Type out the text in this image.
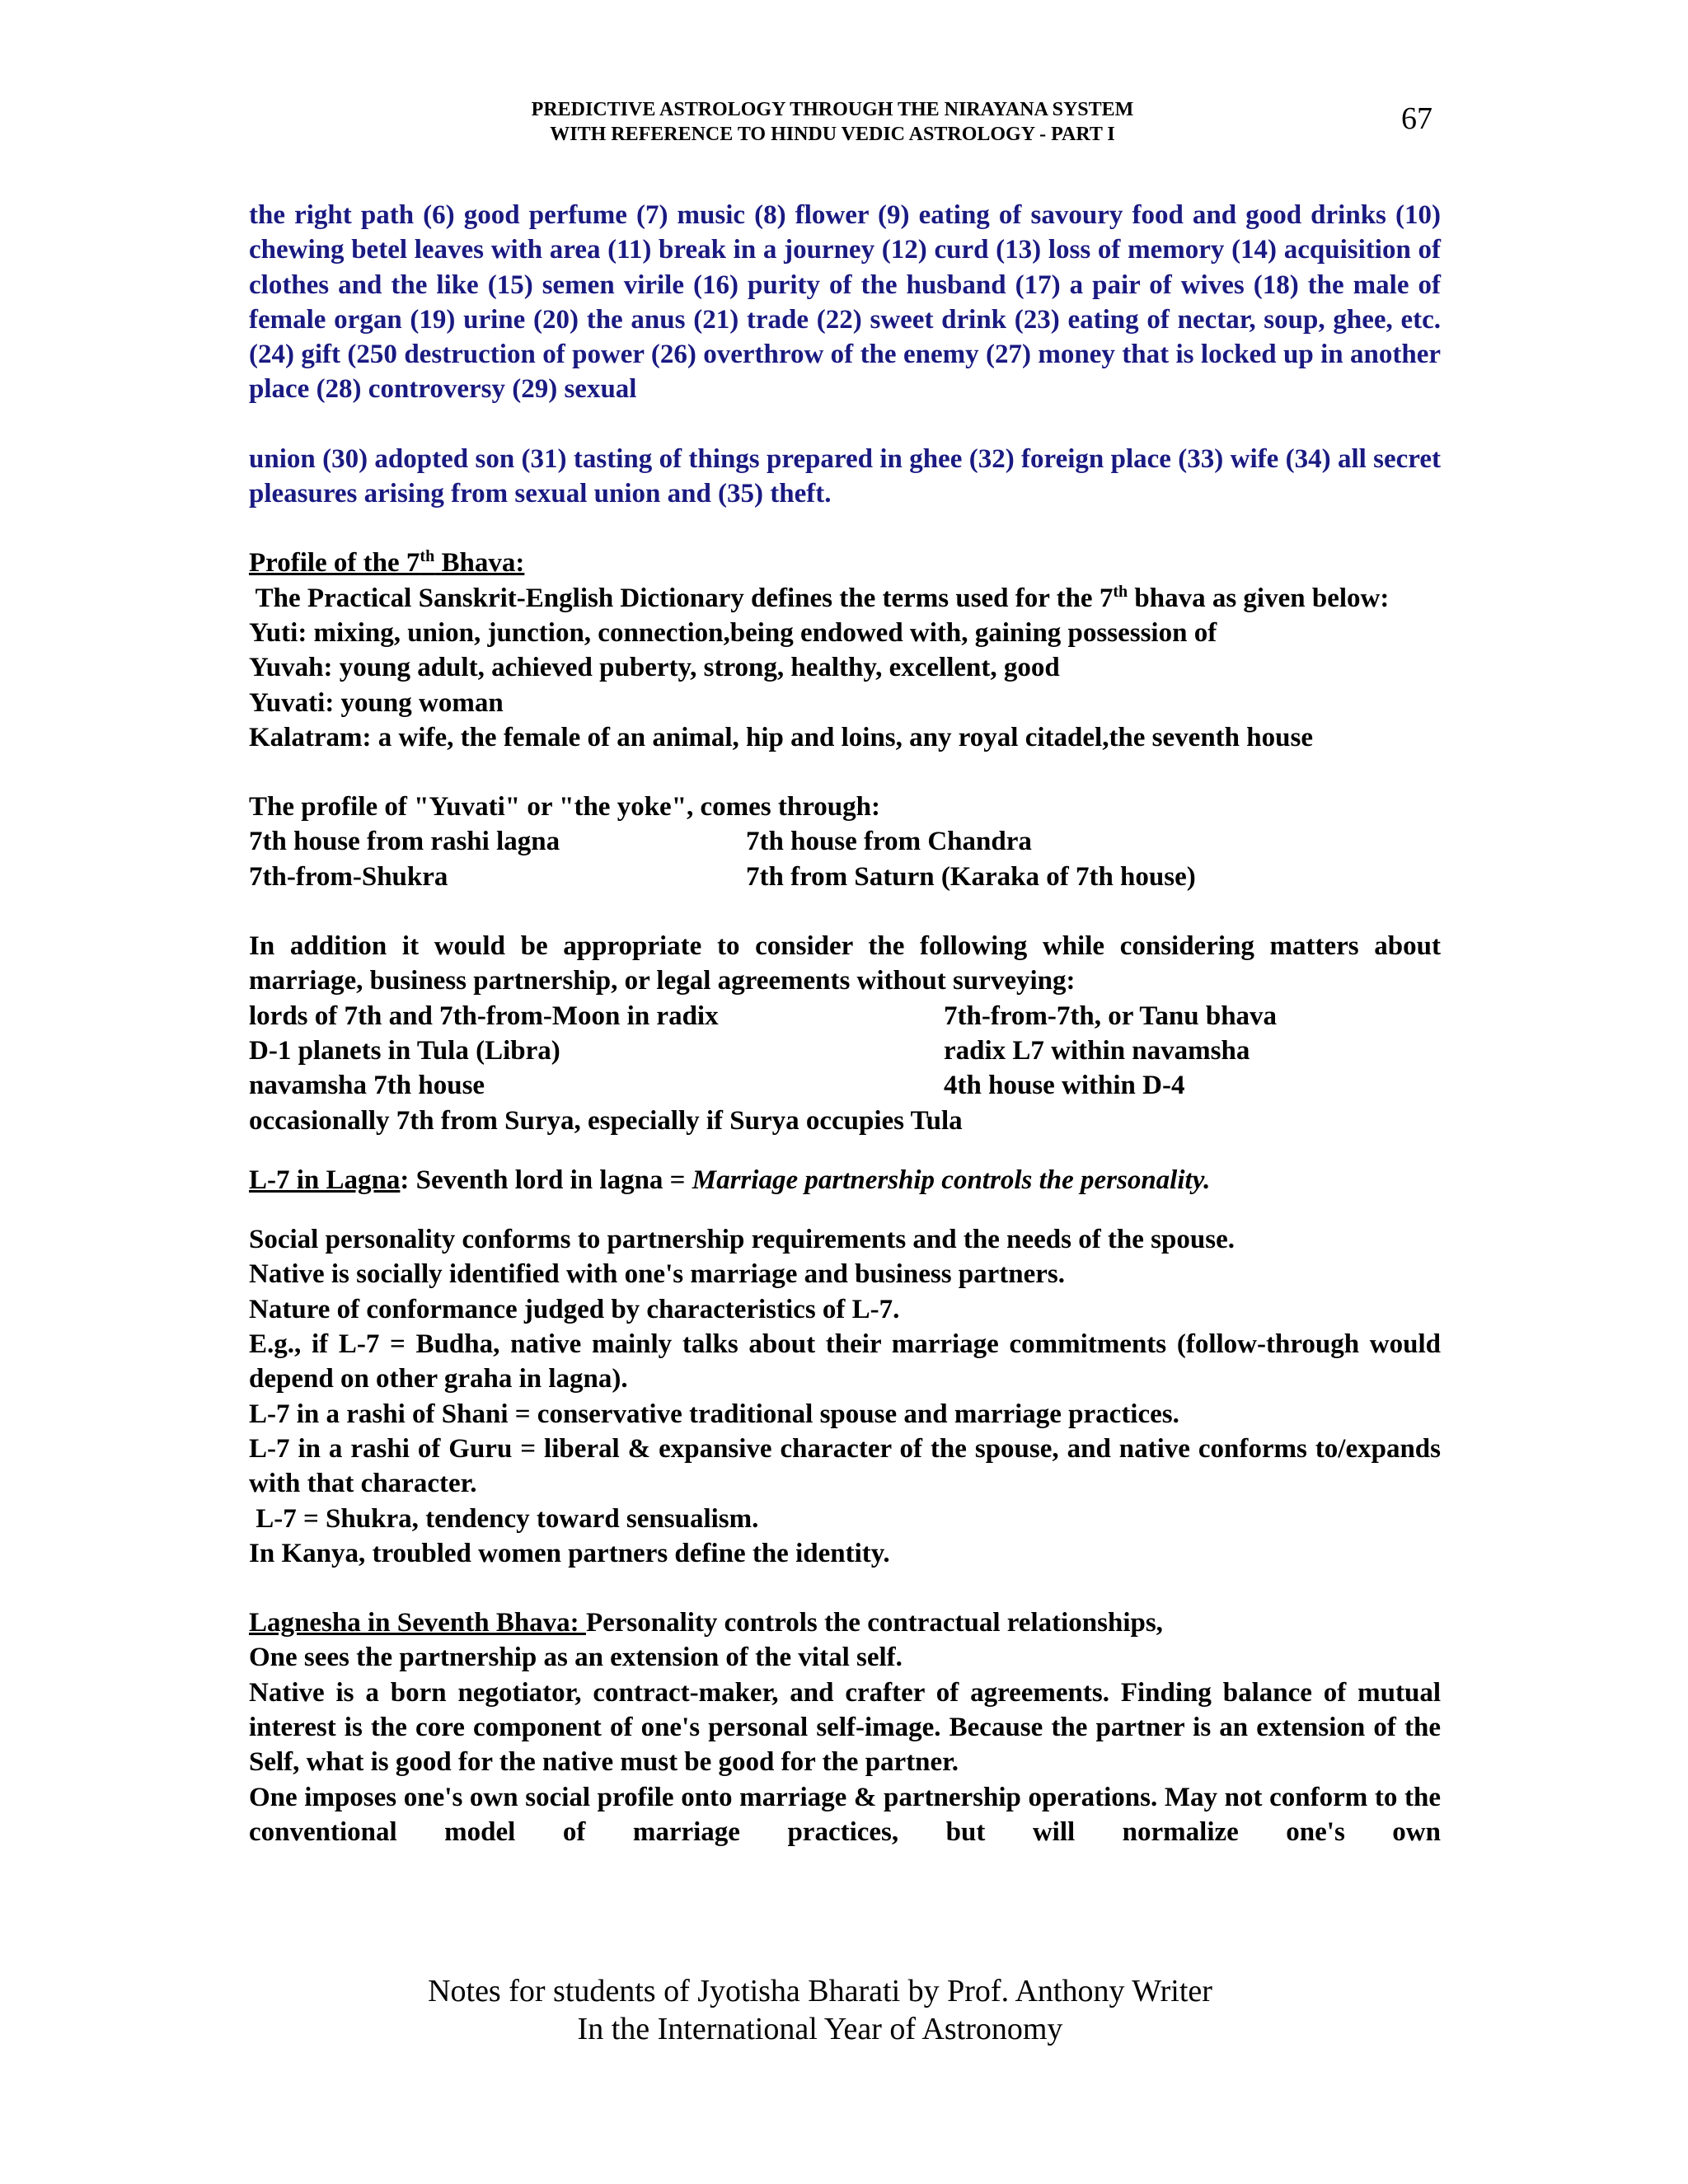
PREDICTIVE ASTROLOGY THROUGH THE NIRAYANA SYSTEM
WITH REFERENCE TO HINDU VEDIC ASTROLOGY - PART I	67

the right path (6) good perfume (7) music (8) flower (9) eating of savoury food and good drinks (10) chewing betel leaves with area (11) break in a journey (12) curd (13) loss of memory (14) acquisition of clothes and the like (15) semen virile (16) purity of the husband (17) a pair of wives (18) the male of female organ (19) urine (20) the anus (21) trade (22) sweet drink (23) eating of nectar, soup, ghee, etc. (24) gift (250 destruction of power (26) overthrow of the enemy (27) money that is locked up in another place (28) controversy (29) sexual

union (30) adopted son (31) tasting of things prepared in ghee (32) foreign place (33) wife (34) all secret pleasures arising from sexual union and (35) theft.

Profile of the 7th Bhava:

The Practical Sanskrit-English Dictionary defines the terms used for the 7th bhava as given below:

Yuti: mixing, union, junction, connection,being endowed with, gaining possession of

Yuvah: young adult, achieved puberty, strong, healthy, excellent, good

Yuvati: young woman

Kalatram: a wife, the female of an animal, hip and loins, any royal citadel,the seventh house

The profile of "Yuvati" or "the yoke", comes through:

7th house from rashi lagna	7th house from Chandra
7th-from-Shukra	7th from Saturn (Karaka of 7th house)

In addition it would be appropriate to consider the following while considering matters about marriage, business partnership, or legal agreements without surveying:

lords of 7th and 7th-from-Moon in radix	7th-from-7th, or Tanu bhava
D-1 planets in Tula (Libra)	radix L7 within navamsha
navamsha 7th house	4th house within D-4

occasionally 7th from Surya, especially if Surya occupies Tula

L-7 in Lagna: Seventh lord in lagna = Marriage partnership controls the personality.

Social personality conforms to partnership requirements and the needs of the spouse.

Native is socially identified with one's marriage and business partners.

Nature of conformance judged by characteristics of L-7.

E.g., if L-7 = Budha, native mainly talks about their marriage commitments (follow-through would depend on other graha in lagna).

L-7 in a rashi of Shani = conservative traditional spouse and marriage practices.

L-7 in a rashi of Guru = liberal & expansive character of the spouse, and native conforms to/expands with that character.

L-7 = Shukra, tendency toward sensualism.

In Kanya, troubled women partners define the identity.

Lagnesha in Seventh Bhava: Personality controls the contractual relationships,

One sees the partnership as an extension of the vital self.

Native is a born negotiator, contract-maker, and crafter of agreements. Finding balance of mutual interest is the core component of one's personal self-image. Because the partner is an extension of the Self, what is good for the native must be good for the partner.

One imposes one's own social profile onto marriage & partnership operations. May not conform to the conventional model of marriage practices, but will normalize one's own

Notes for students of Jyotisha Bharati by Prof. Anthony Writer
In the International Year of Astronomy
